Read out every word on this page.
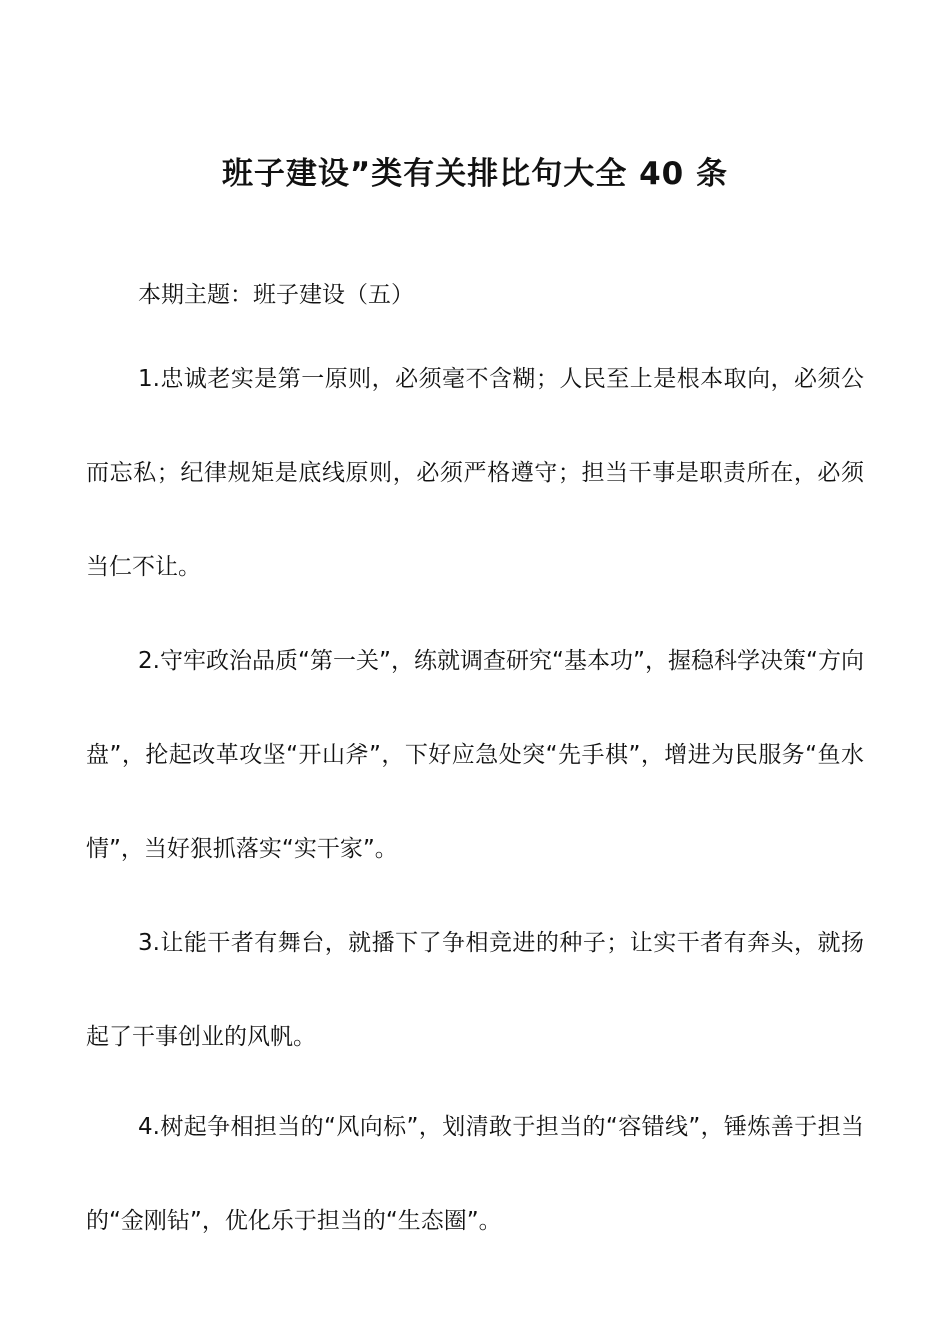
班子建设”类有关排比句大全 40 条
本期主题：班子建设（五）

1.忠诚老实是第一原则，必须毫不含糊；人民至上是根本取向，必须公而忘私；纪律规矩是底线原则，必须严格遵守；担当干事是职责所在，必须当仁不让。

2.守牢政治品质“第一关”，练就调查研究“基本功”，握稳科学决策“方向盘”，抡起改革攻坚“开山斧”，下好应急处突“先手棋”，增进为民服务“鱼水情”，当好狠抓落实“实干家”。

3.让能干者有舞台，就播下了争相竞进的种子；让实干者有奔头，就扬起了干事创业的风帆。

4.树起争相担当的“风向标”，划清敢于担当的“容错线”，锤炼善于担当的“金刚钻”，优化乐于担当的“生态圈”。
